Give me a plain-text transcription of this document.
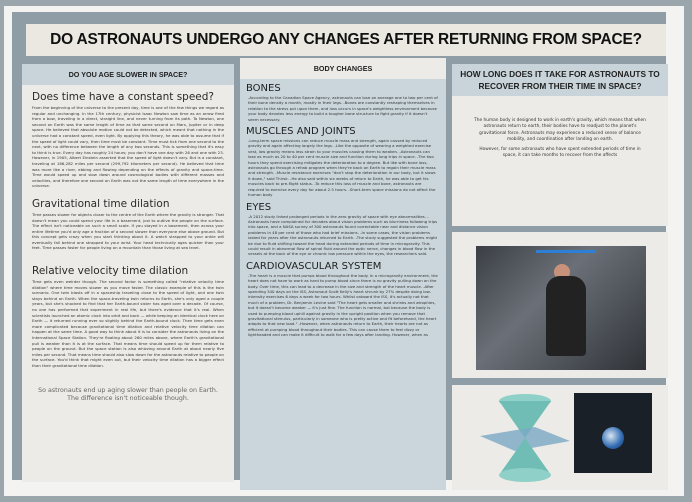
DO ASTRONAUTS UNDERGO ANY CHANGES AFTER RETURNING FROM SPACE?
DO YOU AGE SLOWER IN SPACE?
Does time have a constant speed?

From the beginning of the universe to the present day, time is one of the few things we regard as regular and unchanging. In the 17th century, physicist Isaac Newton saw time as an arrow fired from a bow, traveling in a direct, straight line, and never turning from its path. To Newton, one second on Earth was the same length of time as that same second on Mars, Jupiter or in deep space. He believed that absolute motion could not be detected, which meant that nothing in the universe had a constant speed, even light. By applying this theory, he was able to assume that if the speed of light could vary, then time must be constant. Time must tick from one second to the next, with no difference between the length of any two seconds. This is something that it's easy to think is true. Every day has roughly 24 hours; you don't have one day with 26 and one with 23. However, in 1905, Albert Einstein asserted that the speed of light doesn't vary. But is a constant, traveling at 186,282 miles per second (299,792 kilometers per second). He believed that time was more like a river, ebbing and flowing depending on the effects of gravity and space-time. Time would speed up and slow down around cosmological bodies with different masses and velocities, and therefore one second on Earth was not the same length of time everywhere in the universe.

Gravitational time dilation

Time passes slower for objects closer to the centre of the Earth where the gravity is stronger. That doesn't mean you could spend your life in a basement, just to outlive the people on the surface. The effect isn't noticeable on such a small scale. If you stayed in a basement, then across your entire lifetime you'd only age a fraction of a second slower than everyone else above ground. But this concept gets crazy when you start thinking about it. A watch strapped to your ankle will eventually fall behind one strapped to your wrist. Your head technically ages quicker than your feet. Time passes faster for people living on a mountain than those living at sea level.

Relative velocity time dilation

Time gets even weirder though. The second factor is something called "relative velocity time dilation" where time moves slower as you move faster. The classic example of this is the twin scenario. One twin blasts off in a spaceship traveling close to the speed of light, and one twin stays behind on Earth. When the space-traveling twin returns to Earth, she's only aged a couple years, but she's shocked to find that her Earth-bound sister has aged over a decade. Of course, no one has performed that experiment in real life, but there's evidence that it's real. When scientists launched an atomic clock into orbit and back — while keeping an identical clock here on Earth — it returned running ever so slightly behind the Earth-bound clock. Then time gets even more complicated because gravitational time dilation and relative velocity time dilation can happen at the same time. A good way to think about it is to consider the astronauts living on the International Space Station. They're floating about 260 miles above, where Earth's gravitational pull is weaker than it is at the surface. That means time should speed up for them relative to people on the ground. But the space station is also whizzing around Earth at about nearly five miles per second. That means time should also slow down for the astronauts relative to people on the surface. You'd think that might even out, but their velocity time dilation has a bigger effect than their gravitational time dilation.

So astronauts end up aging slower than people on Earth. The difference isn't noticeable though.
BODY CHANGES
BONES

-According to the Canadian Space Agency, astronauts can lose on average one to two per cent of their bone density a month, mostly in their legs. -Bones are constantly reshaping themselves in relation to the stress put upon them, and loss occurs in space's weightless environment because your body devotes less energy to build a tougher bone structure to fight gravity if it doesn't seem necessary.

MUSCLES AND JOINTS

-Long-term space missions can reduce muscle mass and strength, again caused by reduced gravity and again affecting largely the legs. -Like the opposite of wearing a weighted exercise vest, low gravity means less strain to your muscles causing them to weaken. -Astronauts can lose as much as 20 to 40 per cent muscle size and function during long trips in space. -The two hours they spend exercising mitigates the deterioration to a degree. But like with bone loss, astronauts go through a rehab program when they're back on Earth to regain their muscle mass and strength. -Muscle resistance exercises "don't stop the deterioration in our body, but it slows it down," said Thirsk. -He also said within six weeks of return to Earth, he was able to get his muscles back to pre-flight status. -To reduce this loss of muscle and bone, astronauts are required to exercise every day for about 2.5 hours. -Short-term space missions do not affect the human body

EYES

-A 2012 study linked prolonged periods in the zero gravity of space with eye abnormalities. -Astronauts have complained for decades about vision problems such as blurriness following trips into space, and a NASA survey of 300 astronauts found correctable near and distance vision problems in 48 per cent of those who had brief missions. -In some cases, the vision problems lasted for years after the astronauts returned to Earth. -The study suggested the problems might be due to fluid shifting toward the head during extended periods of time in microgravity. This could result in abnormal flow of spinal fluid around the optic nerve, changes in blood flow in the vessels at the back of the eye or chronic low pressure within the eyes, the researchers said.

CARDIOVASCULAR SYSTEM

-The heart is a muscle that pumps blood throughout the body. In a microgravity environment, the heart does not have to work as hard to pump blood since there is no gravity pulling down on the body. Over time, this can lead to a decrease in the size and strength of the heart muscle. -After spending 340 days on the ISS, Astronaut Scott Kelly's heart shrunk by 27% despite doing low-intensity exercises 6 days a week for two hours. Whilst onboard the ISS, it's actually not that much of a problem, Dr. Benjamin Levine said "The heart gets smaller and shrinks and atrophies, but it doesn't become weaker — it's just fine. The function is normal, but because the body is used to pumping blood uphill against gravity in the upright position when you remove that gravitational stimulus, particularly in someone who is pretty active and fit beforehand, the heart adapts to that new load." -However, when astronauts return to Earth, their hearts are not as efficient at pumping blood throughout their bodies. This can cause them to feel dizzy or lightheaded and can make it difficult to walk for a few days after landing. However, when as

HOW LONG DOES IT TAKE FOR ASTRONAUTS TO RECOVER FROM THEIR TIME IN SPACE?

The human body is designed to work in earth's gravity, which means that when astronauts return to earth, their bodies have to readjust to the planet's gravitational force. Astronauts may experience a reduced sense of balance mobility, and coordination after landing on earth.

However, for some astronauts who have spent extended periods of time in space, it can take months to recover from the affects
